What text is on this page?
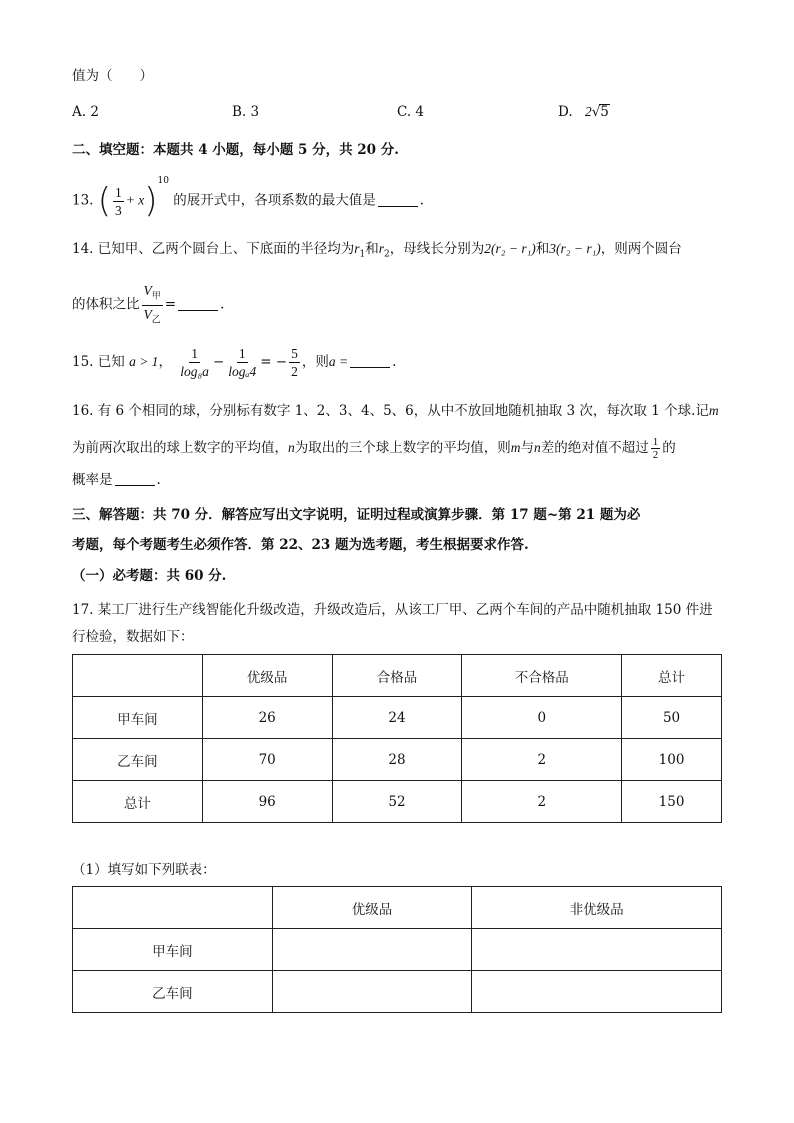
值为（　　）
A. 2	B. 3	C. 4	D. 2√5
二、填空题：本题共 4 小题，每小题 5 分，共 20 分.
13. ( $\frac{1}{3} + x)^{10}$ 的展开式中，各项系数的最大值是	.
14. 已知甲、乙两个圆台上、下底面的半径均为$r_1$和$r_2$，母线长分别为2(r₂ − r₁)和3(r₂ − r₁)，则两个圆台
的体积之比 $\frac{V_甲}{V_乙}$ =	.
15. 已知 a > 1， $\frac{1}{\text{log₈a}} - \frac{1}{\text{logₐ4}}$ = − $\frac{5}{2}$ ，则a =	.
16. 有 6 个相同的球，分别标有数字 1、2、3、4、5、6，从中不放回地随机抽取 3 次，每次取 1 个球.记m
为前两次取出的球上数字的平均值，n为取出的三个球上数字的平均值，则m与n差的绝对值不超过 $\frac{1}{2}$ 的
概率是	.
三、解答题：共 70 分．解答应写出文字说明，证明过程或演算步骤．第 17 题~第 21 题为必
考题，每个考题考生必须作答．第 22、23 题为选考题，考生根据要求作答.
（一）必考题：共 60 分.
17. 某工厂进行生产线智能化升级改造，升级改造后，从该工厂甲、乙两个车间的产品中随机抽取 150 件进
行检验，数据如下：
	优级品	合格品	不合格品	总计
甲车间	26	24	0	50
乙车间	70	28	2	100
总计	96	52	2	150
（1）填写如下列联表：
	优级品	非优级品
甲车间		
乙车间		
